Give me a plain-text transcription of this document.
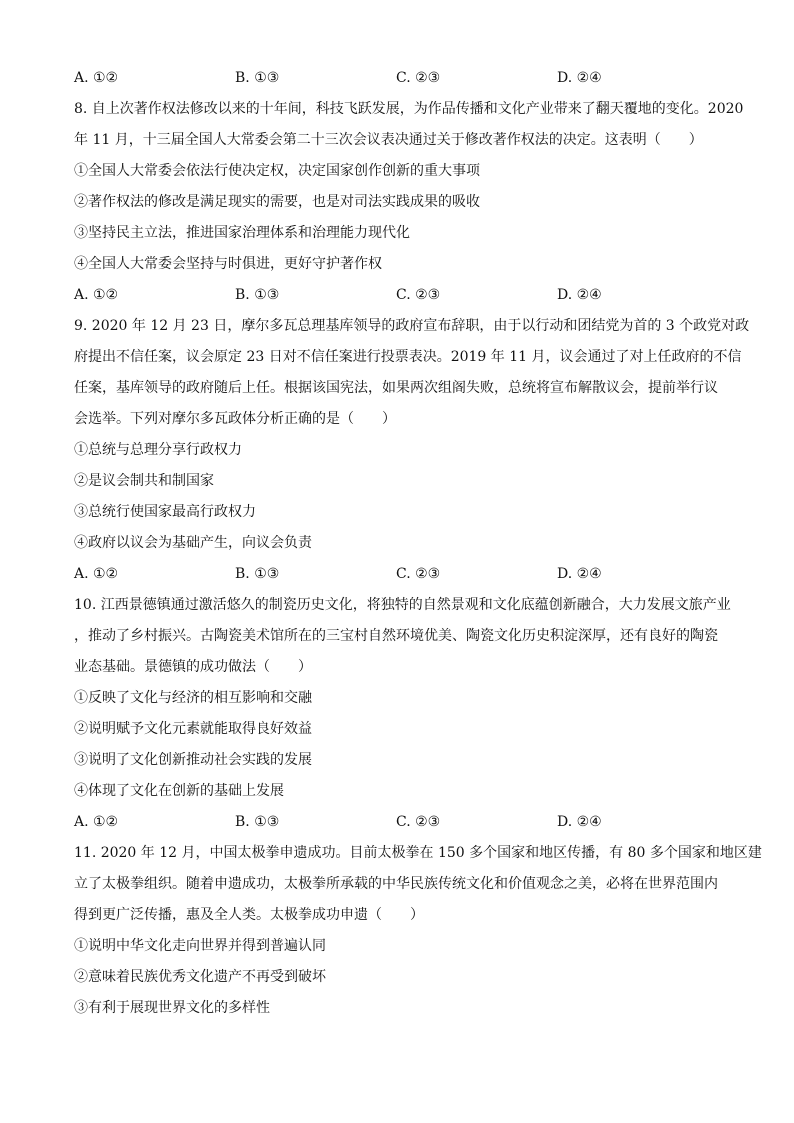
A. ①②	B. ①③	C. ②③	D. ②④
8. 自上次著作权法修改以来的十年间，科技飞跃发展，为作品传播和文化产业带来了翻天覆地的变化。2020
年 11 月，十三届全国人大常委会第二十三次会议表决通过关于修改著作权法的决定。这表明（　　）
①全国人大常委会依法行使决定权，决定国家创作创新的重大事项
②著作权法的修改是满足现实的需要，也是对司法实践成果的吸收
③坚持民主立法，推进国家治理体系和治理能力现代化
④全国人大常委会坚持与时俱进，更好守护著作权
A. ①②	B. ①③	C. ②③	D. ②④
9. 2020 年 12 月 23 日，摩尔多瓦总理基库领导的政府宣布辞职，由于以行动和团结党为首的 3 个政党对政
府提出不信任案，议会原定 23 日对不信任案进行投票表决。2019 年 11 月，议会通过了对上任政府的不信
任案，基库领导的政府随后上任。根据该国宪法，如果两次组阁失败，总统将宣布解散议会，提前举行议
会选举。下列对摩尔多瓦政体分析正确的是（　　）
①总统与总理分享行政权力
②是议会制共和制国家
③总统行使国家最高行政权力
④政府以议会为基础产生，向议会负责
A. ①②	B. ①③	C. ②③	D. ②④
10. 江西景德镇通过激活悠久的制瓷历史文化，将独特的自然景观和文化底蕴创新融合，大力发展文旅产业
，推动了乡村振兴。古陶瓷美术馆所在的三宝村自然环境优美、陶瓷文化历史积淀深厚，还有良好的陶瓷
业态基础。景德镇的成功做法（　　）
①反映了文化与经济的相互影响和交融
②说明赋予文化元素就能取得良好效益
③说明了文化创新推动社会实践的发展
④体现了文化在创新的基础上发展
A. ①②	B. ①③	C. ②③	D. ②④
11. 2020 年 12 月，中国太极拳申遗成功。目前太极拳在 150 多个国家和地区传播，有 80 多个国家和地区建
立了太极拳组织。随着申遗成功，太极拳所承载的中华民族传统文化和价值观念之美，必将在世界范围内
得到更广泛传播，惠及全人类。太极拳成功申遗（　　）
①说明中华文化走向世界并得到普遍认同
②意味着民族优秀文化遗产不再受到破坏
③有利于展现世界文化的多样性
